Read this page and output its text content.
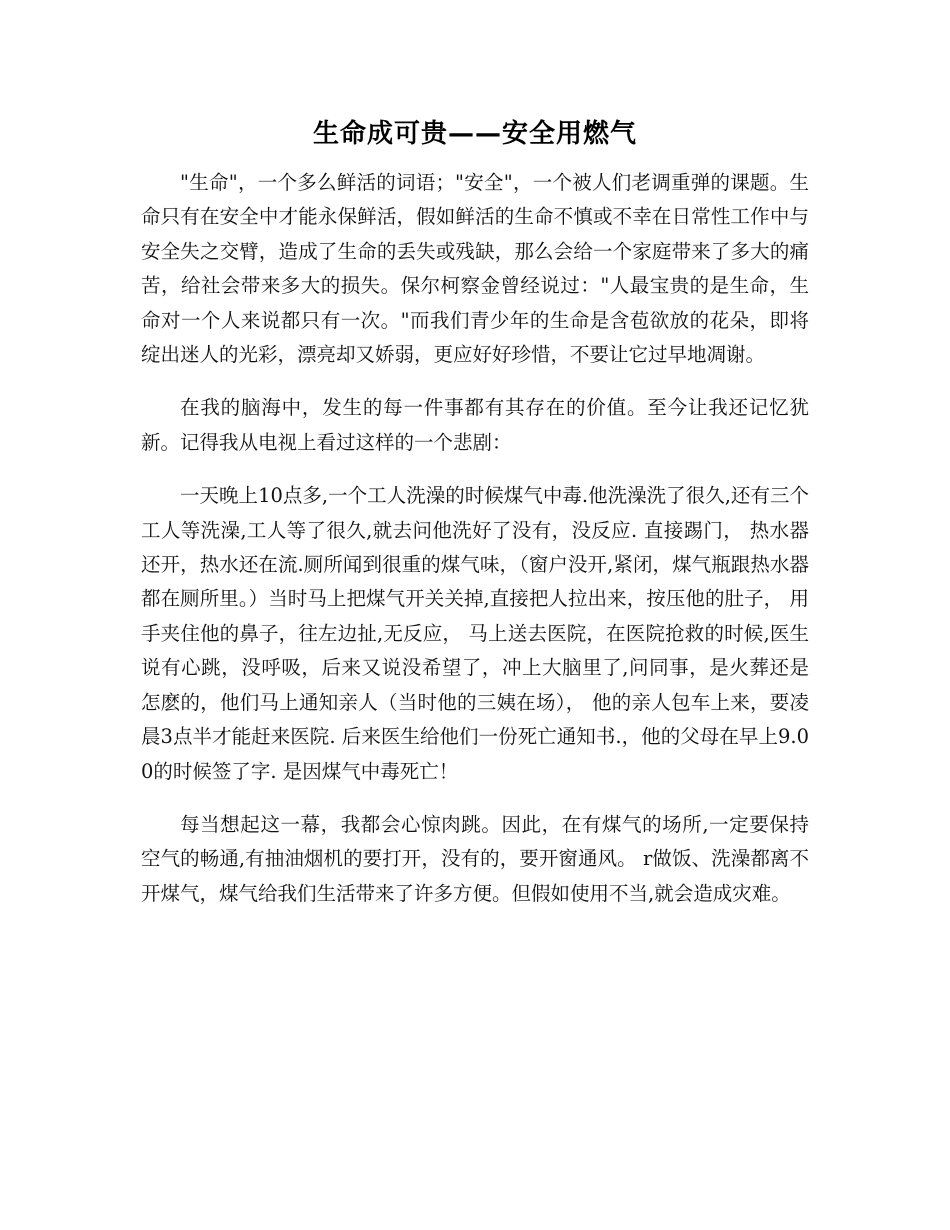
生命成可贵——安全用燃气

"生命"，一个多么鲜活的词语；"安全"，一个被人们老调重弹的课题。生命只有在安全中才能永保鲜活，假如鲜活的生命不慎或不幸在日常性工作中与安全失之交臂，造成了生命的丢失或残缺，那么会给一个家庭带来了多大的痛苦，给社会带来多大的损失。保尔柯察金曾经说过："人最宝贵的是生命，生命对一个人来说都只有一次。"而我们青少年的生命是含苞欲放的花朵，即将绽出迷人的光彩，漂亮却又娇弱，更应好好珍惜，不要让它过早地凋谢。

在我的脑海中，发生的每一件事都有其存在的价值。至今让我还记忆犹新。记得我从电视上看过这样的一个悲剧：

一天晚上10点多,一个工人洗澡的时候煤气中毒.他洗澡洗了很久,还有三个工人等洗澡,工人等了很久,就去问他洗好了没有，没反应. 直接踢门， 热水器还开，热水还在流.厕所闻到很重的煤气味，（窗户没开,紧闭，煤气瓶跟热水器都在厕所里。）当时马上把煤气开关关掉,直接把人拉出来，按压他的肚子， 用手夹住他的鼻子，往左边扯,无反应， 马上送去医院，在医院抢救的时候,医生说有心跳，没呼吸，后来又说没希望了，冲上大脑里了,问同事，是火葬还是怎麽的，他们马上通知亲人（当时他的三姨在场）， 他的亲人包车上来，要凌晨3点半才能赶来医院. 后来医生给他们一份死亡通知书.，他的父母在早上9.00的时候签了字. 是因煤气中毒死亡！

每当想起这一幕，我都会心惊肉跳。因此，在有煤气的场所,一定要保持空气的畅通,有抽油烟机的要打开，没有的，要开窗通风。 r做饭、洗澡都离不开煤气，煤气给我们生活带来了许多方便。但假如使用不当,就会造成灾难。
